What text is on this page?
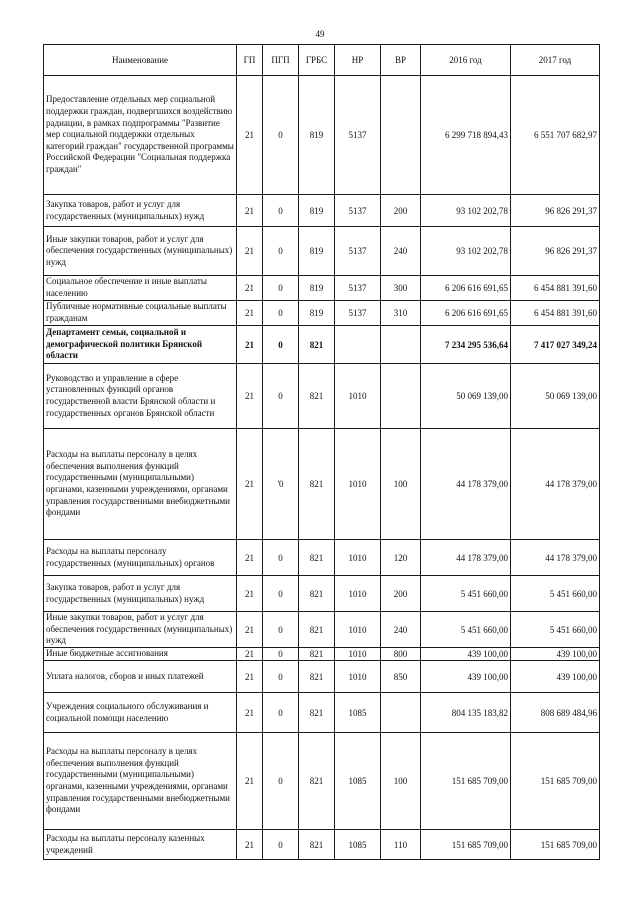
49
Наименование	ГП	ПГП	ГРБС	НР	ВР	2016 год	2017 год
Предоставление отдельных мер социальной поддержки граждан, подвергшихся воздействию радиации, в рамках подпрограммы "Развитие мер социальной поддержки отдельных категорий граждан" государственной программы Российской Федерации "Социальная поддержка граждан"	21	0	819	5137		6 299 718 894,43	6 551 707 682,97
Закупка товаров, работ и услуг для государственных (муниципальных) нужд	21	0	819	5137	200	93 102 202,78	96 826 291,37
Иные закупки товаров, работ и услуг для обеспечения государственных (муниципальных) нужд	21	0	819	5137	240	93 102 202,78	96 826 291,37
Социальное обеспечение и иные выплаты населению	21	0	819	5137	300	6 206 616 691,65	6 454 881 391,60
Публичные нормативные социальные выплаты гражданам	21	0	819	5137	310	6 206 616 691,65	6 454 881 391,60
Департамент семьи, социальной и демографической политики Брянской области	21	0	821			7 234 295 536,64	7 417 027 349,24
Руководство и управление в сфере установленных функций органов государственной власти Брянской области и государственных органов Брянской области	21	0	821	1010		50 069 139,00	50 069 139,00
Расходы на выплаты персоналу в целях обеспечения выполнения функций государственными (муниципальными) органами, казенными учреждениями, органами управления государственными внебюджетными фондами	21	'0	821	1010	100	44 178 379,00	44 178 379,00
Расходы на выплаты персоналу государственных (муниципальных) органов	21	0	821	1010	120	44 178 379,00	44 178 379,00
Закупка товаров, работ и услуг для государственных (муниципальных) нужд	21	0	821	1010	200	5 451 660,00	5 451 660,00
Иные закупки товаров, работ и услуг для обеспечения государственных (муниципальных) нужд	21	0	821	1010	240	5 451 660,00	5 451 660,00
Иные бюджетные ассигнования	21	0	821	1010	800	439 100,00	439 100,00
Уплата налогов, сборов и иных платежей	21	0	821	1010	850	439 100,00	439 100,00
Учреждения социального обслуживания и социальной помощи населению	21	0	821	1085		804 135 183,82	808 689 484,96
Расходы на выплаты персоналу в целях обеспечения выполнения функций государственными (муниципальными) органами, казенными учреждениями, органами управления государственными внебюджетными фондами	21	0	821	1085	100	151 685 709,00	151 685 709,00
Расходы на выплаты персоналу казенных учреждений	21	0	821	1085	110	151 685 709,00	151 685 709,00
